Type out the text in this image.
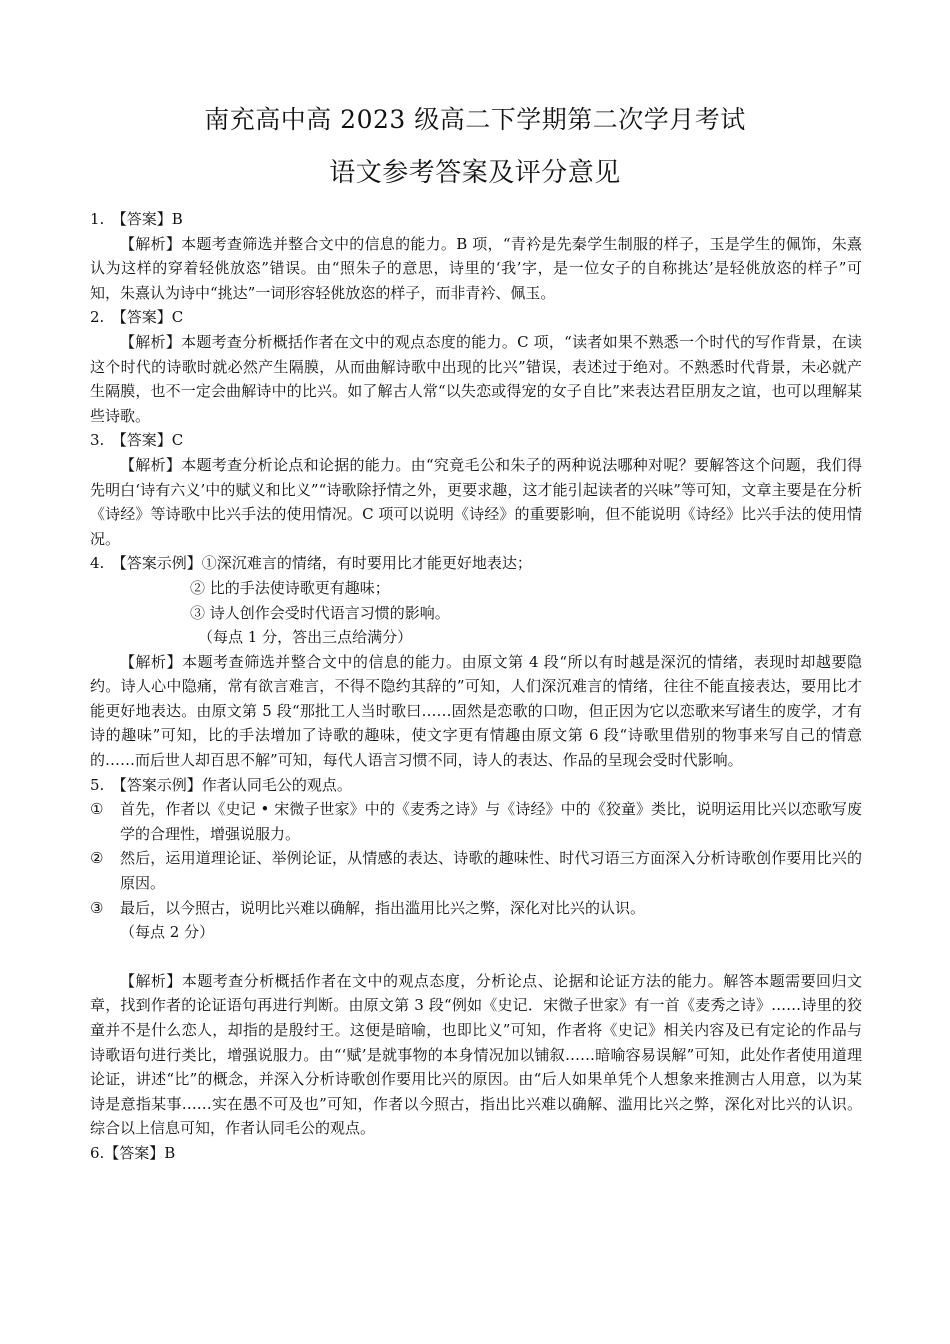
南充高中高 2023 级高二下学期第二次学月考试
语文参考答案及评分意见

1.　【答案】B

【解析】本题考查筛选并整合文中的信息的能力。B 项，“青衿是先秦学生制服的样子，玉是学生的佩饰，朱熹认为这样的穿着轻佻放恣”错误。由“照朱子的意思，诗里的‘我’字，是一位女子的自称挑达’是轻佻放恣的样子”可知，朱熹认为诗中“挑达”一词形容轻佻放恣的样子，而非青衿、佩玉。

2.　【答案】C

【解析】本题考查分析概括作者在文中的观点态度的能力。C 项，“读者如果不熟悉一个时代的写作背景，在读这个时代的诗歌时就必然产生隔膜，从而曲解诗歌中出现的比兴”错误，表述过于绝对。不熟悉时代背景，未必就产生隔膜，也不一定会曲解诗中的比兴。如了解古人常“以失恋或得宠的女子自比”来表达君臣朋友之谊，也可以理解某些诗歌。

3.　【答案】C

【解析】本题考查分析论点和论据的能力。由“究竟毛公和朱子的两种说法哪种对呢？要解答这个问题，我们得先明白‘诗有六义’中的赋义和比义”“诗歌除抒情之外，更要求趣，这才能引起读者的兴味”等可知，文章主要是在分析《诗经》等诗歌中比兴手法的使用情况。C 项可以说明《诗经》的重要影响，但不能说明《诗经》比兴手法的使用情况。

4.　【答案示例】①深沉难言的情绪，有时要用比才能更好地表达；

② 比的手法使诗歌更有趣味；

③ 诗人创作会受时代语言习惯的影响。

（每点 1 分，答出三点给满分）

【解析】本题考查筛选并整合文中的信息的能力。由原文第 4 段“所以有时越是深沉的情绪，表现时却越要隐约。诗人心中隐痛，常有欲言难言，不得不隐约其辞的”可知，人们深沉难言的情绪，往往不能直接表达，要用比才能更好地表达。由原文第 5 段“那批工人当时歌曰……固然是恋歌的口吻，但正因为它以恋歌来写诸生的废学，才有诗的趣味”可知，比的手法增加了诗歌的趣味，使文字更有情趣由原文第 6 段“诗歌里借别的物事来写自己的情意的……而后世人却百思不解”可知，每代人语言习惯不同，诗人的表达、作品的呈现会受时代影响。

5.　【答案示例】作者认同毛公的观点。

①	首先，作者以《史记 • 宋微子世家》中的《麦秀之诗》与《诗经》中的《狡童》类比，说明运用比兴以恋歌写废学的合理性，增强说服力。
②	然后，运用道理论证、举例论证，从情感的表达、诗歌的趣味性、时代习语三方面深入分析诗歌创作要用比兴的原因。
③	最后，以今照古，说明比兴难以确解，指出滥用比兴之弊，深化对比兴的认识。

（每点 2 分）

【解析】本题考查分析概括作者在文中的观点态度，分析论点、论据和论证方法的能力。解答本题需要回归文章，找到作者的论证语句再进行判断。由原文第 3 段“例如《史记．宋微子世家》有一首《麦秀之诗》……诗里的狡童并不是什么恋人，却指的是殷纣王。这便是暗喻，也即比义”可知，作者将《史记》相关内容及已有定论的作品与诗歌语句进行类比，增强说服力。由“‘赋’是就事物的本身情况加以铺叙……暗喻容易误解”可知，此处作者使用道理论证，讲述“比”的概念，并深入分析诗歌创作要用比兴的原因。由“后人如果单凭个人想象来推测古人用意，以为某诗是意指某事……实在愚不可及也”可知，作者以今照古，指出比兴难以确解、滥用比兴之弊，深化对比兴的认识。综合以上信息可知，作者认同毛公的观点。

6.【答案】B
